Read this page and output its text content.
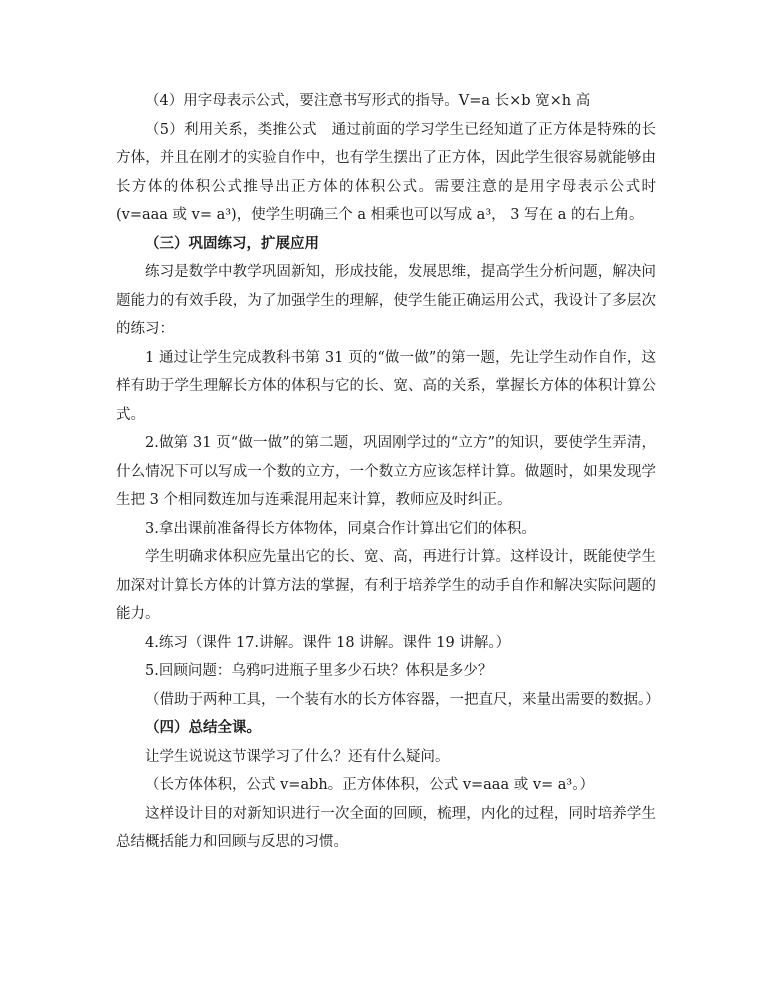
（4）用字母表示公式，要注意书写形式的指导。V=a 长×b 宽×h 高

（5）利用关系，类推公式　通过前面的学习学生已经知道了正方体是特殊的长方体，并且在刚才的实验自作中，也有学生摆出了正方体，因此学生很容易就能够由长方体的体积公式推导出正方体的体积公式。需要注意的是用字母表示公式时(v=aaa 或 v= a³)，使学生明确三个 a 相乘也可以写成 a³， 3 写在 a 的右上角。

（三）巩固练习，扩展应用

练习是数学中教学巩固新知，形成技能，发展思维，提高学生分析问题，解决问题能力的有效手段，为了加强学生的理解，使学生能正确运用公式，我设计了多层次的练习：

1 通过让学生完成教科书第 31 页的“做一做”的第一题，先让学生动作自作，这样有助于学生理解长方体的体积与它的长、宽、高的关系，掌握长方体的体积计算公式。

2.做第 31 页“做一做”的第二题，巩固刚学过的“立方”的知识，要使学生弄清，什么情况下可以写成一个数的立方，一个数立方应该怎样计算。做题时，如果发现学生把 3 个相同数连加与连乘混用起来计算，教师应及时纠正。

3.拿出课前准备得长方体物体，同桌合作计算出它们的体积。

学生明确求体积应先量出它的长、宽、高，再进行计算。这样设计，既能使学生加深对计算长方体的计算方法的掌握，有利于培养学生的动手自作和解决实际问题的能力。

4.练习（课件 17.讲解。课件 18 讲解。课件 19 讲解。）

5.回顾问题：乌鸦叼进瓶子里多少石块？体积是多少？

（借助于两种工具，一个装有水的长方体容器，一把直尺，来量出需要的数据。）

（四）总结全课。

让学生说说这节课学习了什么？还有什么疑问。

（长方体体积，公式 v=abh。正方体体积，公式 v=aaa 或 v= a³。）

这样设计目的对新知识进行一次全面的回顾，梳理，内化的过程，同时培养学生总结概括能力和回顾与反思的习惯。
